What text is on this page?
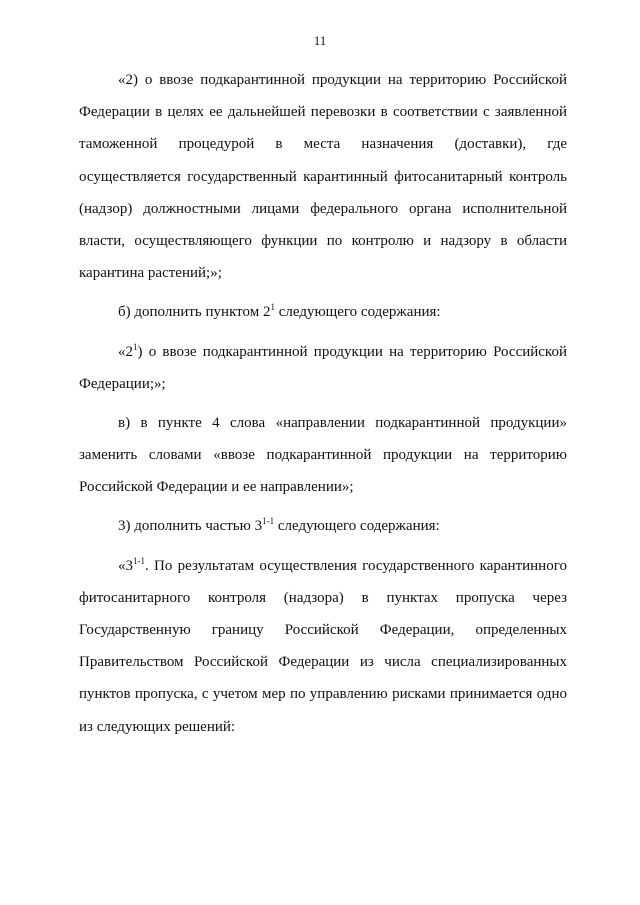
11
«2) о ввозе подкарантинной продукции на территорию Российской
Федерации в целях ее дальнейшей перевозки в соответствии с заявленной
таможенной процедурой в места назначения (доставки), где
осуществляется государственный карантинный фитосанитарный контроль
(надзор) должностными лицами федерального органа исполнительной
власти, осуществляющего функции по контролю и надзору в области
карантина растений;»;
б) дополнить пунктом $2^1$ следующего содержания:
«$2^1$) о ввозе подкарантинной продукции на территорию Российской
Федерации;»;
в) в пункте 4 слова «направлении подкарантинной продукции»
заменить словами «ввозе подкарантинной продукции на территорию
Российской Федерации и ее направлении»;
3) дополнить частью 3$^{1-1}$ следующего содержания:
«3$^{1-1}$. По результатам осуществления государственного карантинного
фитосанитарного контроля (надзора) в пунктах пропуска через
Государственную границу Российской Федерации, определенных
Правительством Российской Федерации из числа специализированных
пунктов пропуска, с учетом мер по управлению рисками принимается одно
из следующих решений:
